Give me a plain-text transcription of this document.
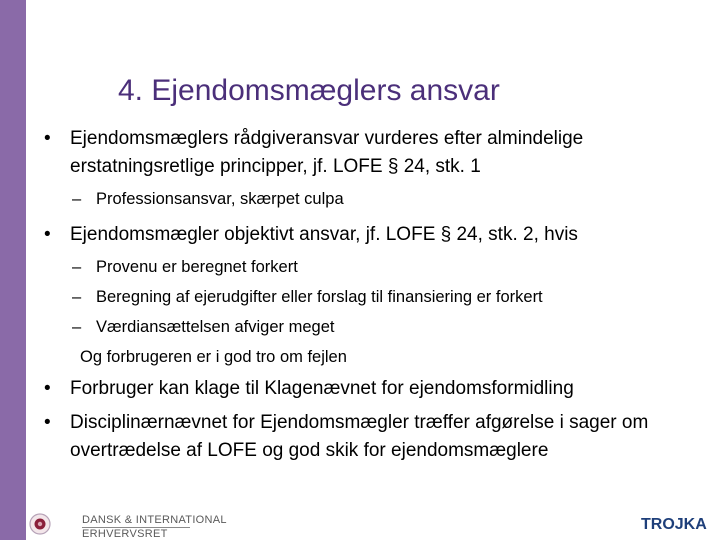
4. Ejendomsmæglers ansvar
• Ejendomsmæglers rådgiveransvar vurderes efter almindelige erstatningsretlige principper, jf. LOFE § 24, stk. 1
– Professionsansvar, skærpet culpa
• Ejendomsmægler objektivt ansvar, jf. LOFE § 24, stk. 2, hvis
– Provenu er beregnet forkert
– Beregning af ejerudgifter eller forslag til finansiering er forkert
– Værdiansættelsen afviger meget
Og forbrugeren er i god tro om fejlen
• Forbruger kan klage til Klagenævnet for ejendomsformidling
• Disciplinærnævnet for Ejendomsmægler træffer afgørelse i sager om overtrædelse af LOFE og god skik for ejendomsmæglere
DANSK & INTERNATIONAL
ERHVERVSRET
TROJKA
